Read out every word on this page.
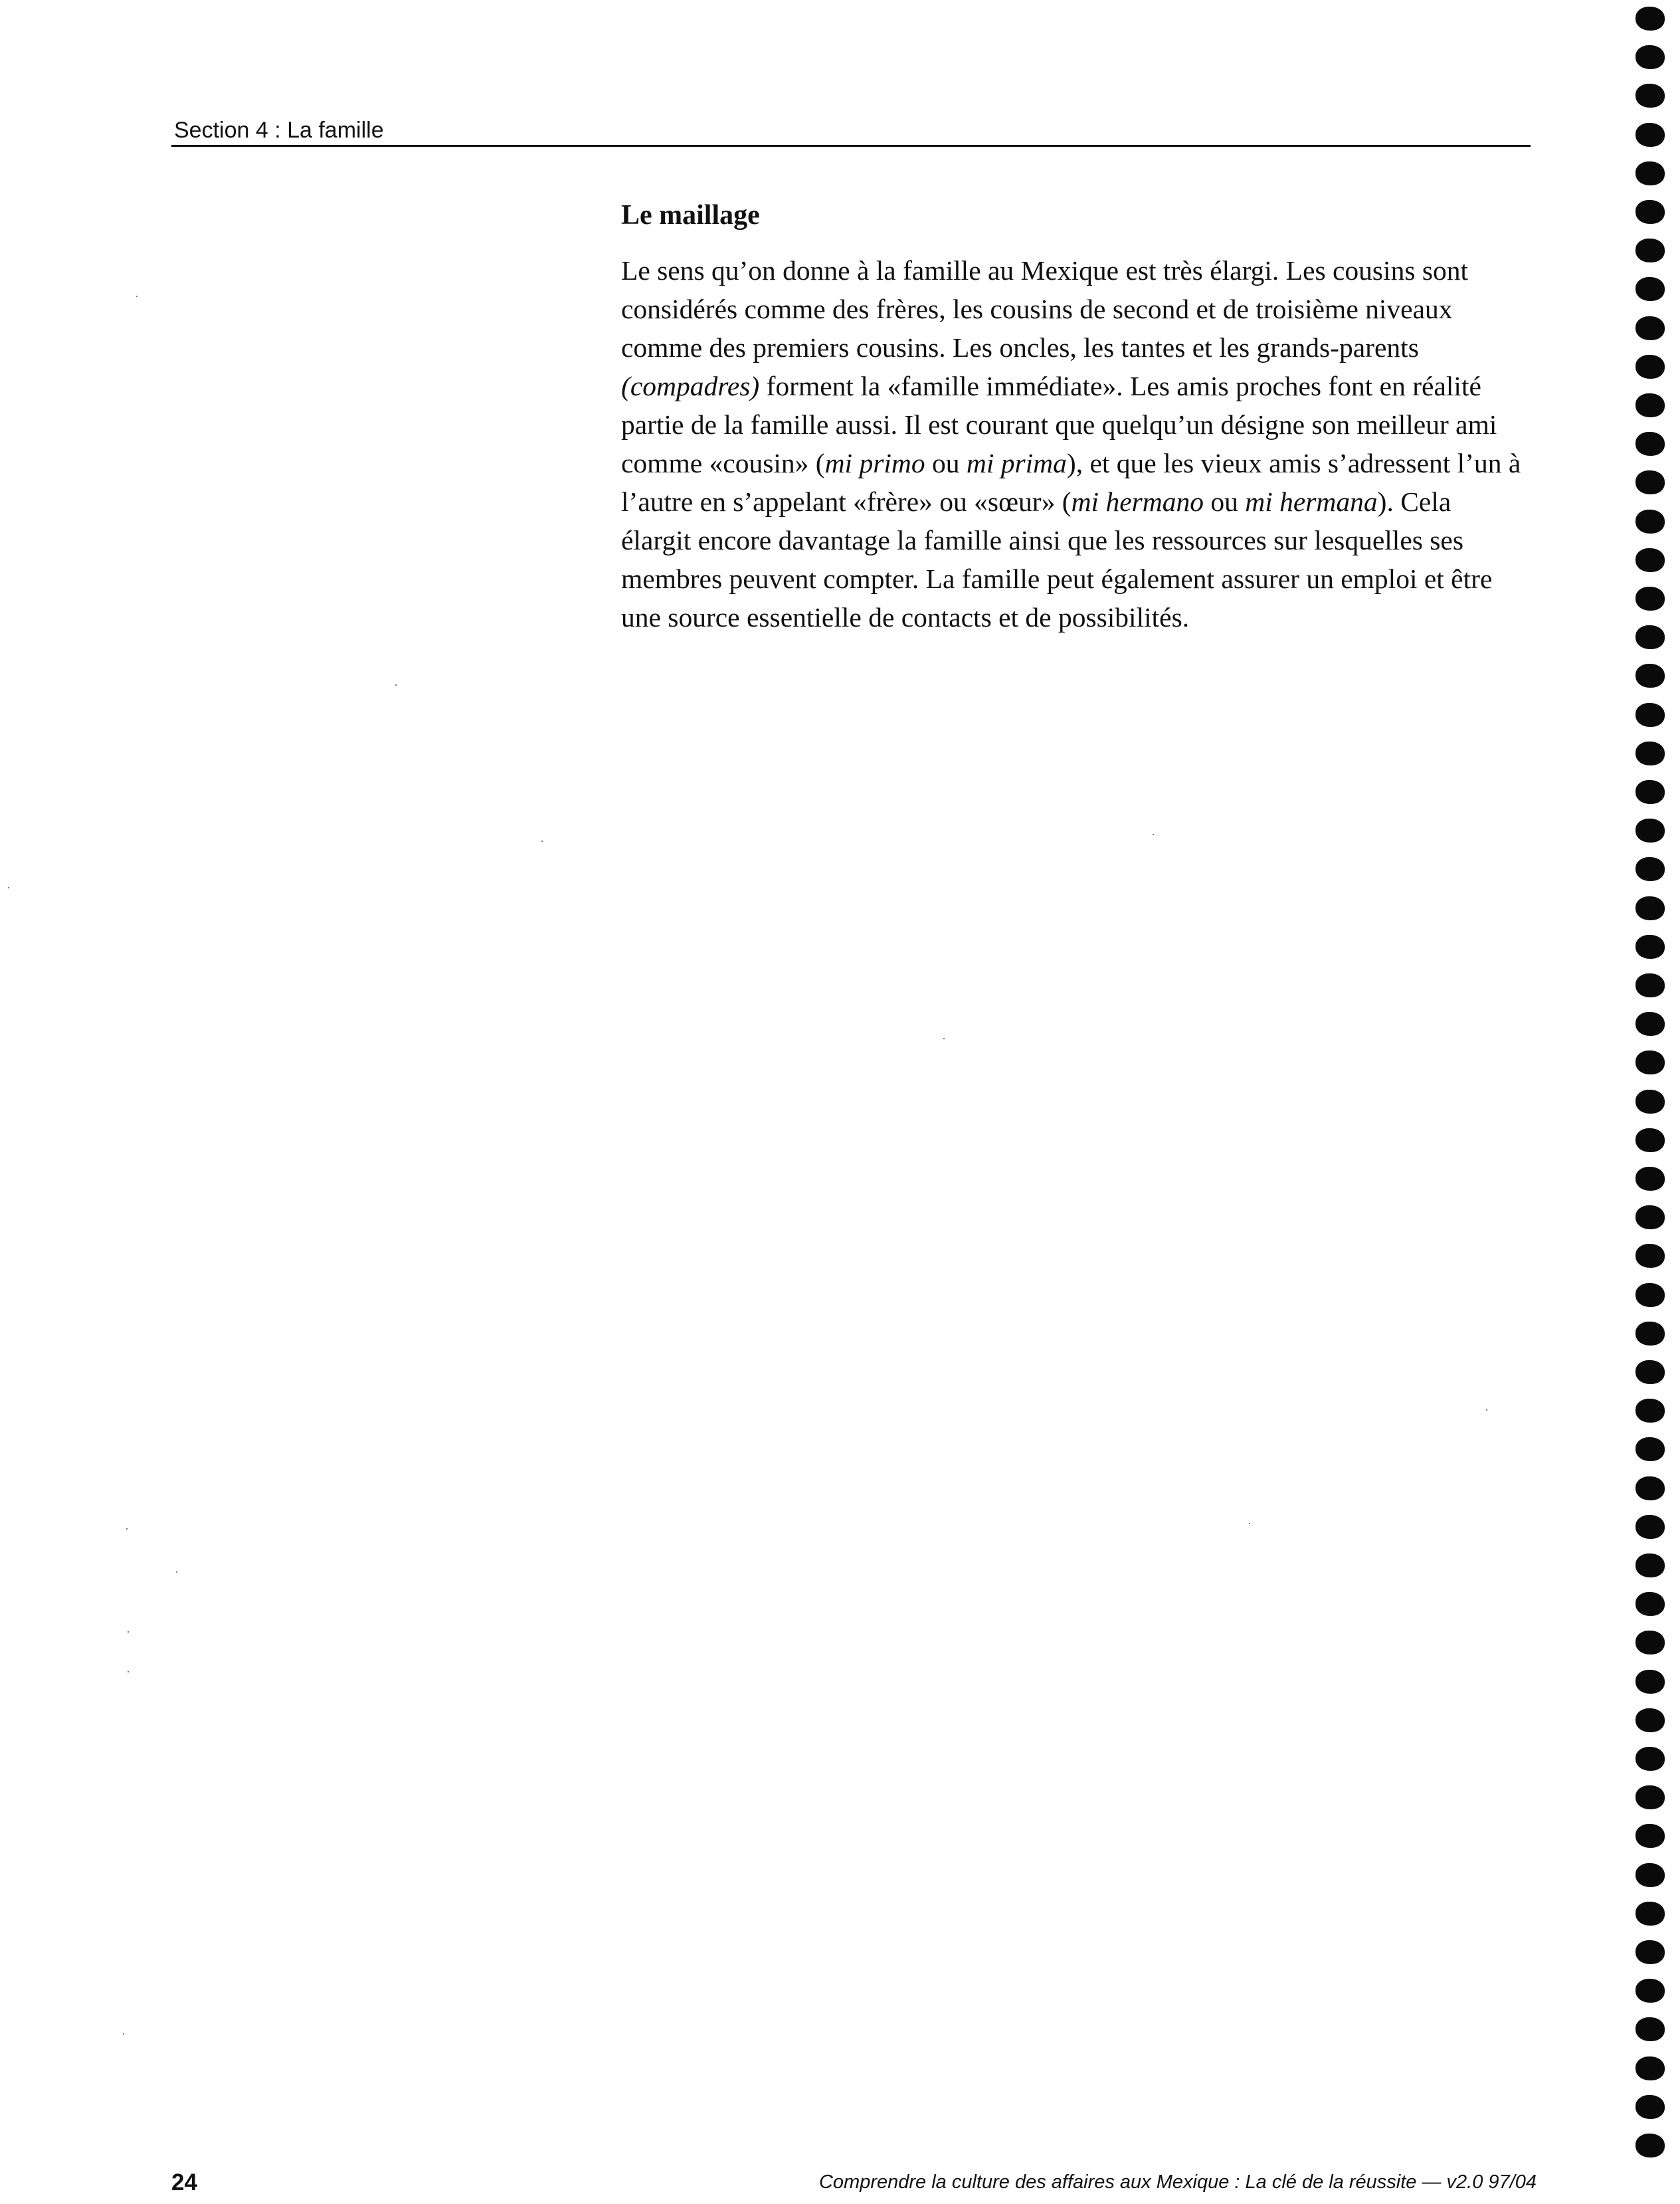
Section 4 : La famille
Le maillage

Le sens qu’on donne à la famille au Mexique est très élargi. Les cousins sont considérés comme des frères, les cousins de second et de troisième niveaux comme des premiers cousins. Les oncles, les tantes et les grands-parents (compadres) forment la «famille immédiate». Les amis proches font en réalité partie de la famille aussi. Il est courant que quelqu’un désigne son meilleur ami comme «cousin» (mi primo ou mi prima), et que les vieux amis s’adressent l’un à l’autre en s’appelant «frère» ou «sœur» (mi hermano ou mi hermana). Cela élargit encore davantage la famille ainsi que les ressources sur lesquelles ses membres peuvent compter. La famille peut également assurer un emploi et être une source essentielle de contacts et de possibilités.

24	Comprendre la culture des affaires aux Mexique : La clé de la réussite — v2.0 97/04
